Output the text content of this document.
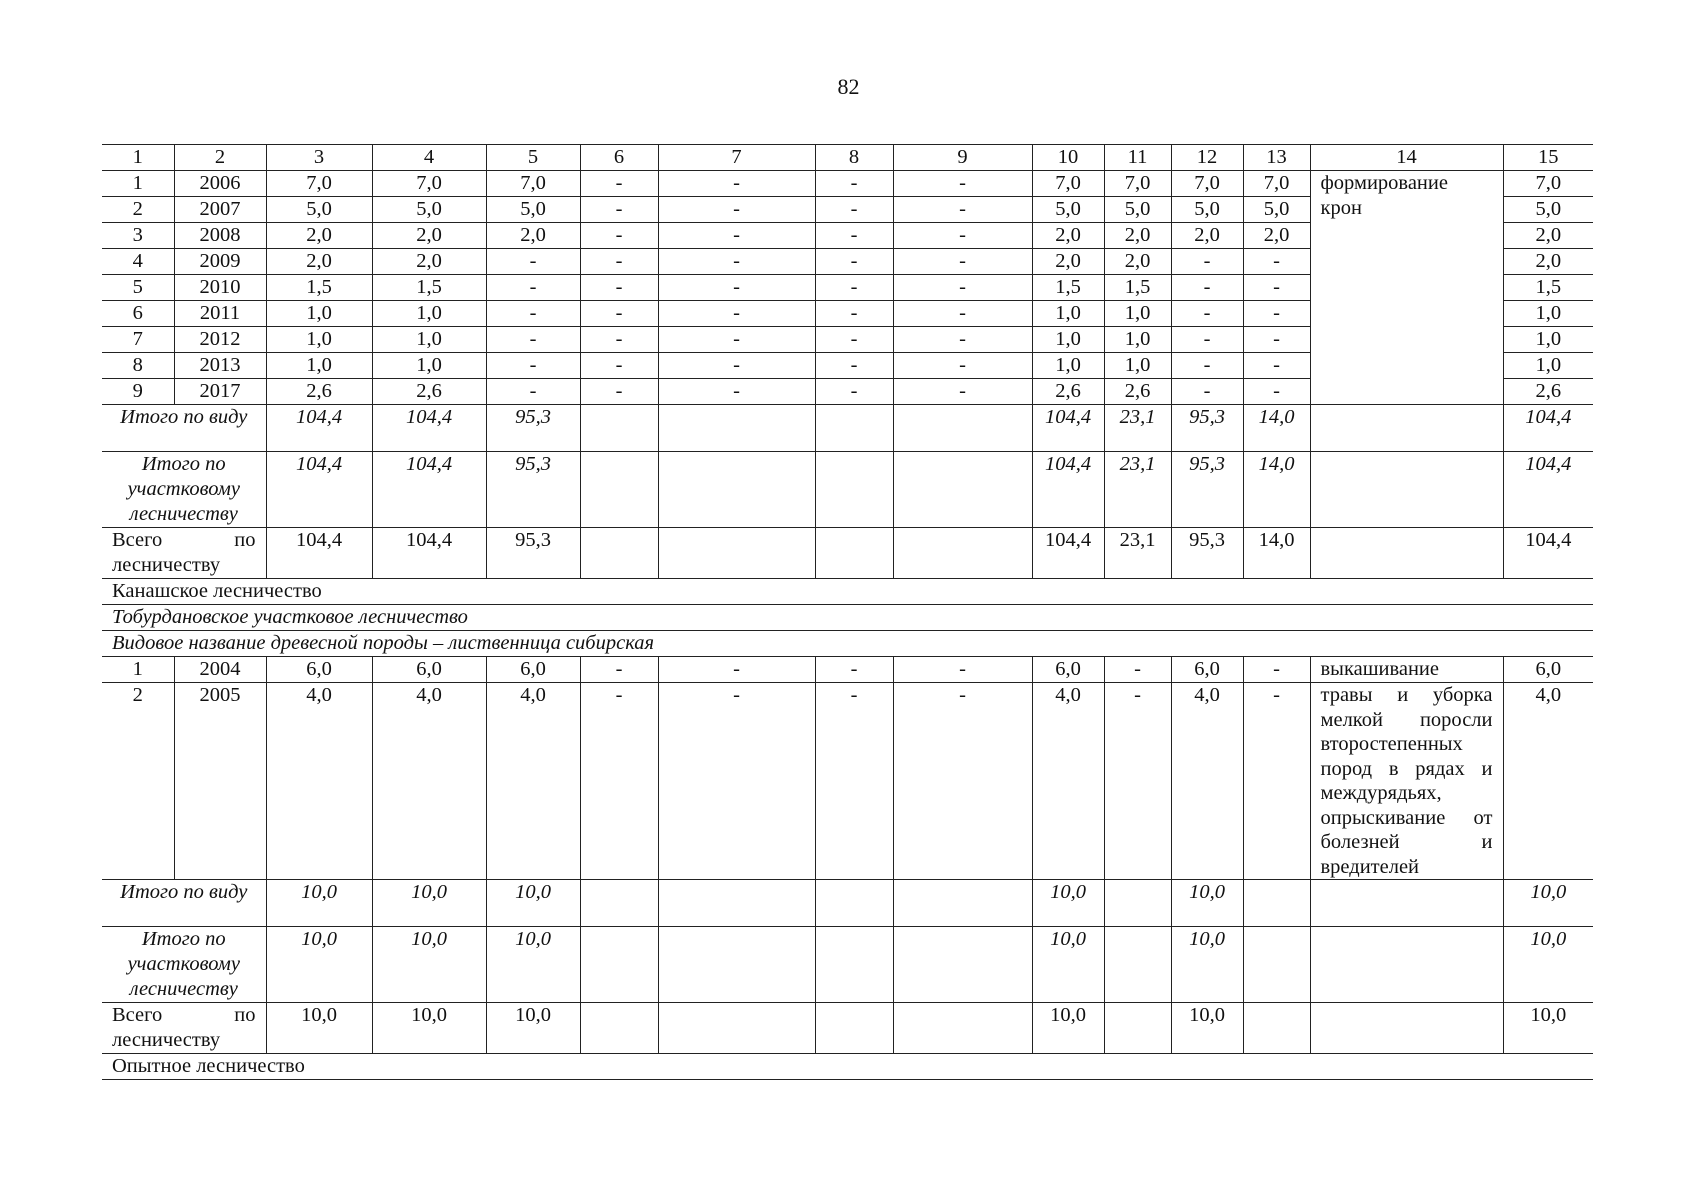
82
1	2	3	4	5	6	7	8	9	10	11	12	13	14	15
1	2006	7,0	7,0	7,0	-	-	-	-	7,0	7,0	7,0	7,0	формирование крон	7,0
2	2007	5,0	5,0	5,0	-	-	-	-	5,0	5,0	5,0	5,0		5,0
3	2008	2,0	2,0	2,0	-	-	-	-	2,0	2,0	2,0	2,0		2,0
4	2009	2,0	2,0	-	-	-	-	-	2,0	2,0	-	-		2,0
5	2010	1,5	1,5	-	-	-	-	-	1,5	1,5	-	-		1,5
6	2011	1,0	1,0	-	-	-	-	-	1,0	1,0	-	-		1,0
7	2012	1,0	1,0	-	-	-	-	-	1,0	1,0	-	-		1,0
8	2013	1,0	1,0	-	-	-	-	-	1,0	1,0	-	-		1,0
9	2017	2,6	2,6	-	-	-	-	-	2,6	2,6	-	-		2,6
Итого по виду		104,4	104,4	95,3					104,4	23,1	95,3	14,0		104,4
Итого по участковому лесничеству		104,4	104,4	95,3					104,4	23,1	95,3	14,0		104,4
Всего по лесничеству		104,4	104,4	95,3					104,4	23,1	95,3	14,0		104,4
Канашское лесничество														
Тобурдановское участковое лесничество														
Видовое название древесной породы – лиственница сибирская														
1	2004	6,0	6,0	6,0	-	-	-	-	6,0	-	6,0	-	выкашивание	6,0
2	2005	4,0	4,0	4,0	-	-	-	-	4,0	-	4,0	-	травы и уборка мелкой поросли второстепенных пород в рядах и междурядьях, опрыскивание от болезней и вредителей	4,0
Итого по виду		10,0	10,0	10,0					10,0		10,0			10,0
Итого по участковому лесничеству		10,0	10,0	10,0					10,0		10,0			10,0
Всего по лесничеству		10,0	10,0	10,0					10,0		10,0			10,0
Опытное лесничество														
